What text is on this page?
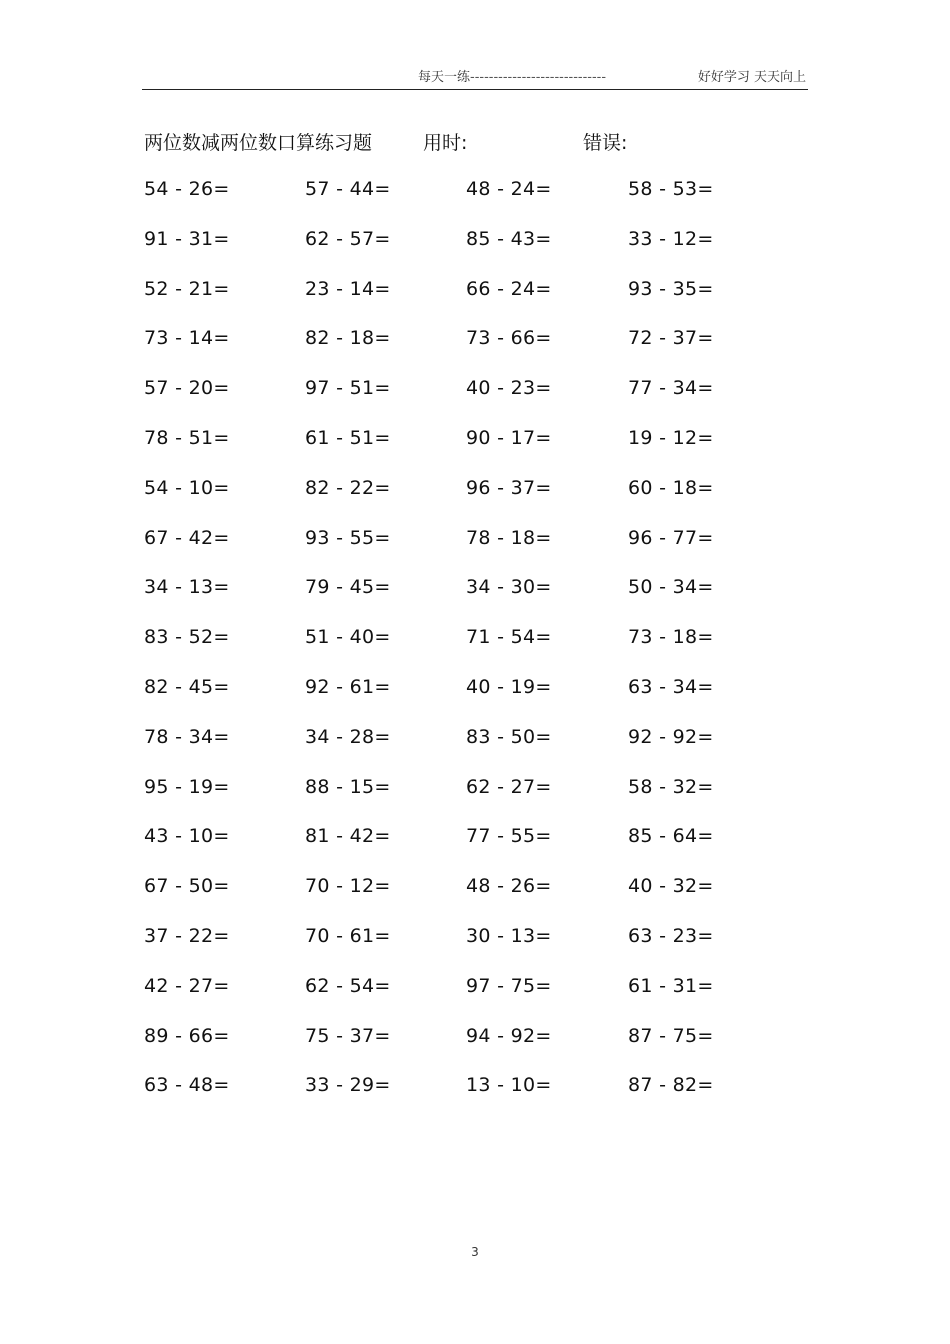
每天一练-----------------------------	好好学习 天天向上
两位数减两位数口算练习题	用时:	错误:
54 - 26=	57 - 44=	48 - 24=	58 - 53=
91 - 31=	62 - 57=	85 - 43=	33 - 12=
52 - 21=	23 - 14=	66 - 24=	93 - 35=
73 - 14=	82 - 18=	73 - 66=	72 - 37=
57 - 20=	97 - 51=	40 - 23=	77 - 34=
78 - 51=	61 - 51=	90 - 17=	19 - 12=
54 - 10=	82 - 22=	96 - 37=	60 - 18=
67 - 42=	93 - 55=	78 - 18=	96 - 77=
34 - 13=	79 - 45=	34 - 30=	50 - 34=
83 - 52=	51 - 40=	71 - 54=	73 - 18=
82 - 45=	92 - 61=	40 - 19=	63 - 34=
78 - 34=	34 - 28=	83 - 50=	92 - 92=
95 - 19=	88 - 15=	62 - 27=	58 - 32=
43 - 10=	81 - 42=	77 - 55=	85 - 64=
67 - 50=	70 - 12=	48 - 26=	40 - 32=
37 - 22=	70 - 61=	30 - 13=	63 - 23=
42 - 27=	62 - 54=	97 - 75=	61 - 31=
89 - 66=	75 - 37=	94 - 92=	87 - 75=
63 - 48=	33 - 29=	13 - 10=	87 - 82=
3
